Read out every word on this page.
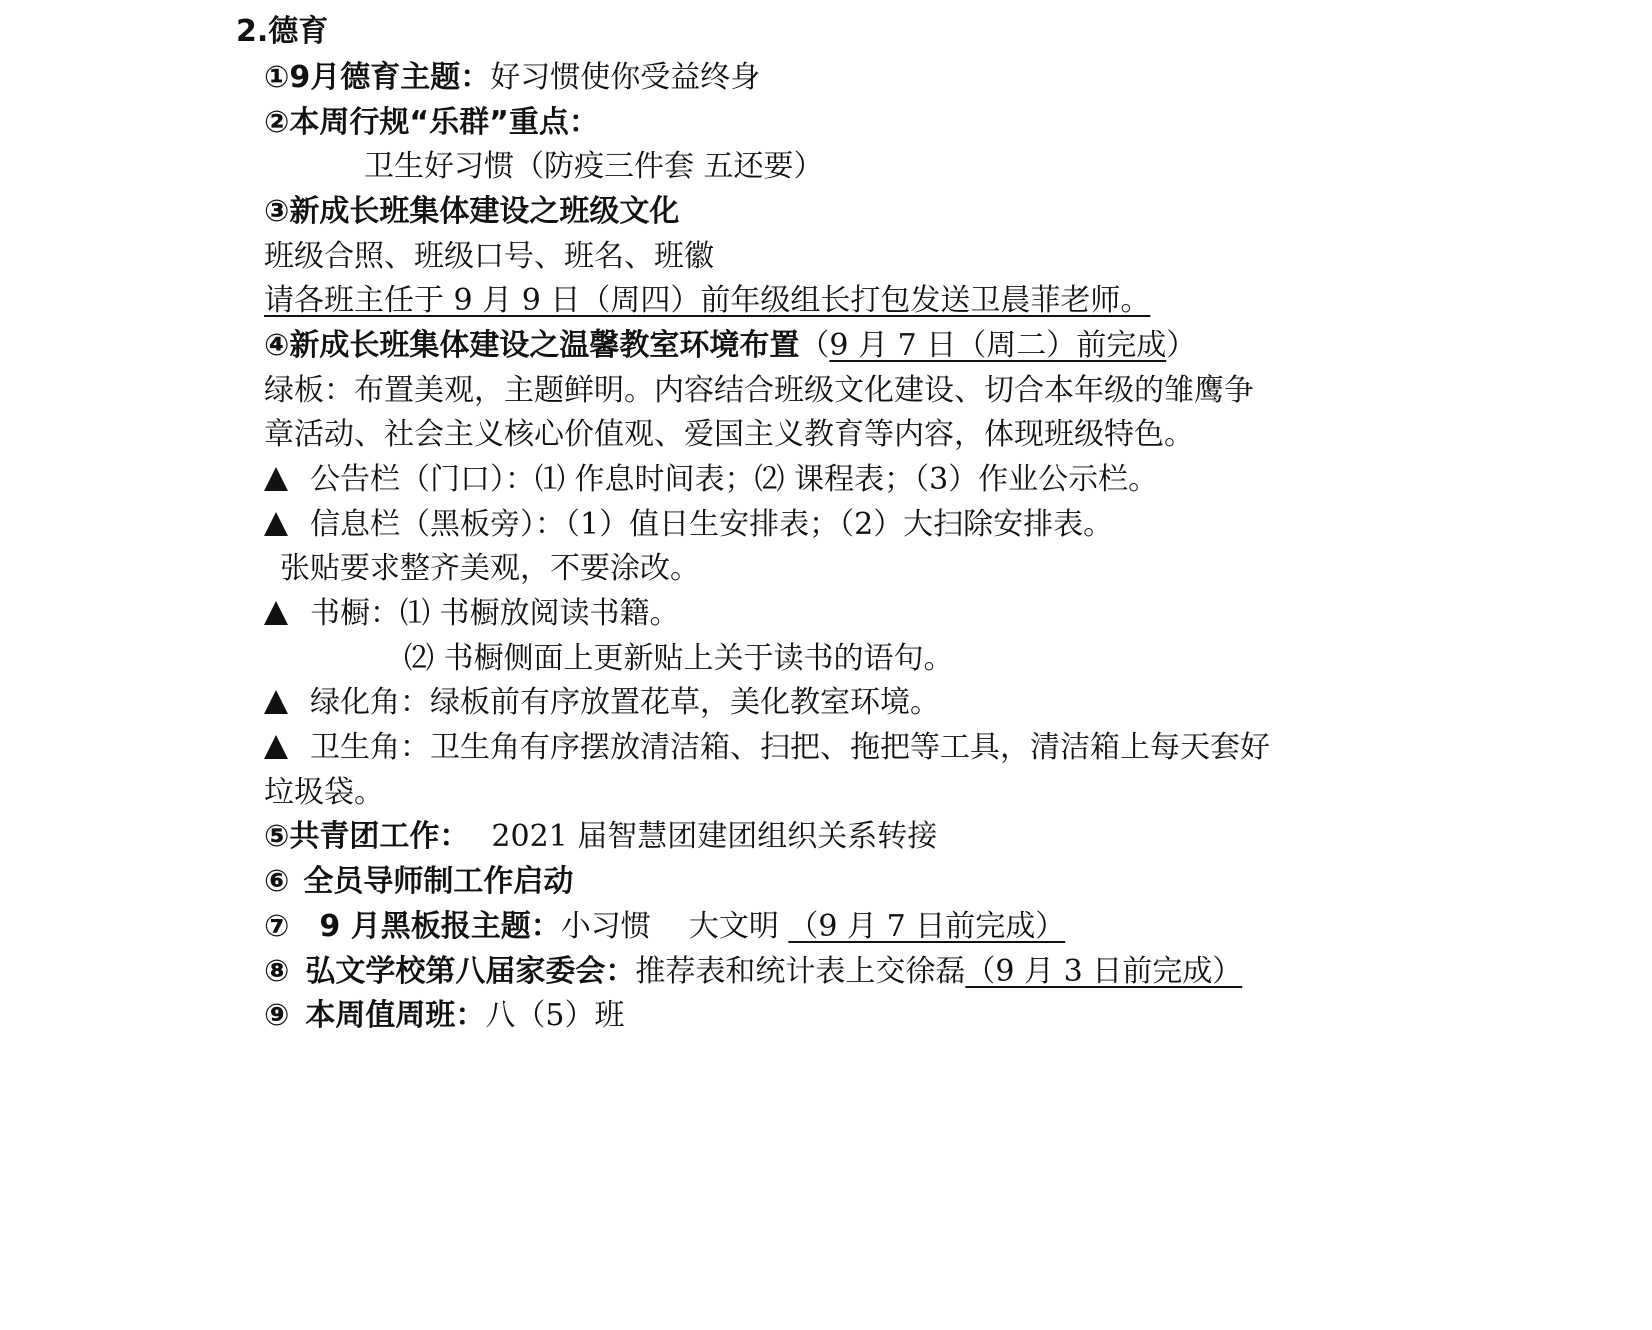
2.德育
①9月德育主题：好习惯使你受益终身
②本周行规“乐群”重点：
卫生好习惯（防疫三件套 五还要）
③新成长班集体建设之班级文化
班级合照、班级口号、班名、班徽
请各班主任于 9 月 9 日（周四）前年级组长打包发送卫晨菲老师。
④新成长班集体建设之温馨教室环境布置（9 月 7 日（周二）前完成）
绿板：布置美观，主题鲜明。内容结合班级文化建设、切合本年级的雏鹰争
章活动、社会主义核心价值观、爱国主义教育等内容，体现班级特色。
公告栏（门口）：⑴ 作息时间表；⑵ 课程表；（3）作业公示栏。
信息栏（黑板旁）：（1）值日生安排表；（2）大扫除安排表。
张贴要求整齐美观，不要涂改。
书橱：⑴ 书橱放阅读书籍。
⑵ 书橱侧面上更新贴上关于读书的语句。
绿化角：绿板前有序放置花草，美化教室环境。
卫生角：卫生角有序摆放清洁箱、扫把、拖把等工具，清洁箱上每天套好
垃圾袋。
⑤共青团工作： 2021 届智慧团建团组织关系转接
⑥ 全员导师制工作启动
⑦ 9 月黑板报主题：小习惯    大文明 （9 月 7 日前完成）
⑧ 弘文学校第八届家委会：推荐表和统计表上交徐磊（9 月 3 日前完成）
⑨ 本周值周班：八（5）班
